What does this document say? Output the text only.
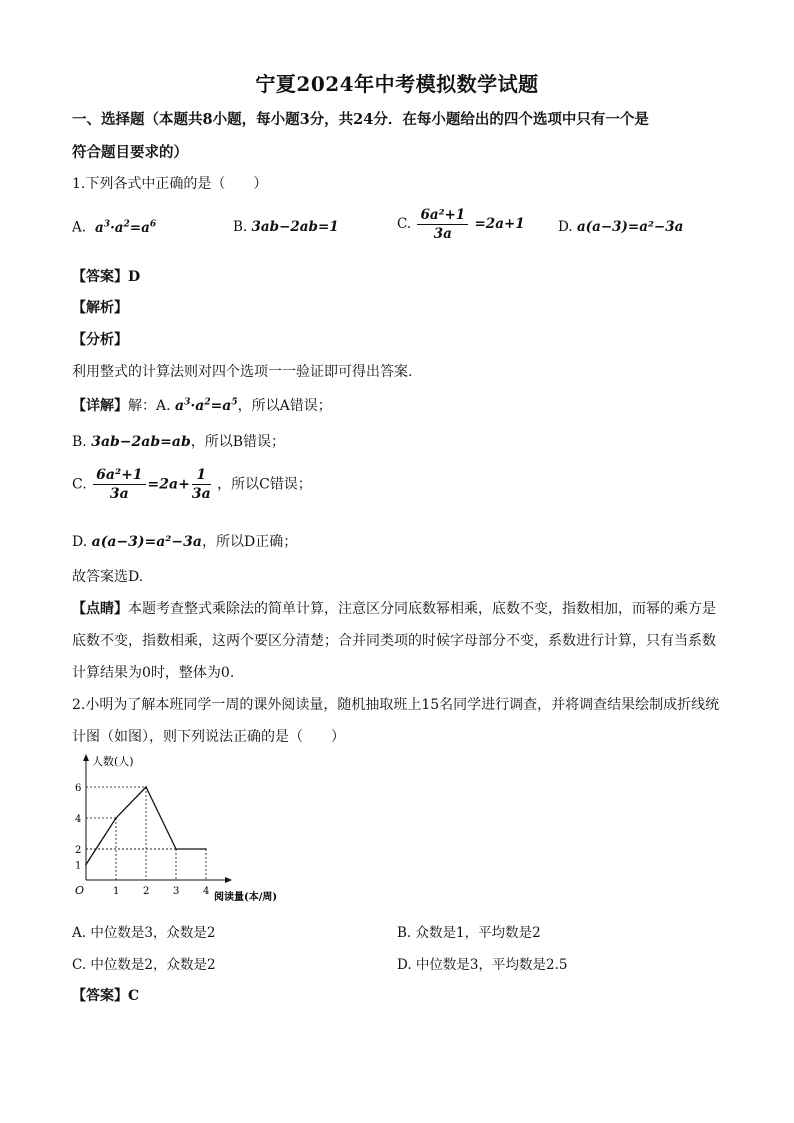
宁夏2024年中考模拟数学试题
一、选择题（本题共8小题，每小题3分，共24分．在每小题给出的四个选项中只有一个是
符合题目要求的）
1.下列各式中正确的是（　　）
A.  $a^3\cdot a^2=a^6$	B. 3ab−2ab=1	C. $\frac{\text{6a²+1}}{3a} =2a+1$ D. a(a−3)=a²−3a
【答案】D
【解析】
【分析】
利用整式的计算法则对四个选项一一验证即可得出答案.
【详解】解：A. $a^3\cdot a^2=a^5$，所以A错误；
B. 3ab−2ab=ab，所以B错误；
C. $\frac{\text{6a²+1}}{3a} =2a+ \frac{1}{3a}$ ，所以C错误；
D. a(a−3)=a²−3a，所以D正确；
故答案选D.
【点睛】本题考查整式乘除法的简单计算，注意区分同底数幂相乘，底数不变，指数相加，而幂的乘方是
底数不变，指数相乘，这两个要区分清楚；合并同类项的时候字母部分不变，系数进行计算，只有当系数
计算结果为0时，整体为0.
2.小明为了解本班同学一周的课外阅读量，随机抽取班上15名同学进行调查，并将调查结果绘制成折线统
计图（如图），则下列说法正确的是（　　）
人数(人)
阅读量(本/周)
O
1
2
4
6
1 2 3 4
A. 中位数是3，众数是2	B. 众数是1，平均数是2
C. 中位数是2，众数是2	D. 中位数是3，平均数是2.5
【答案】C
